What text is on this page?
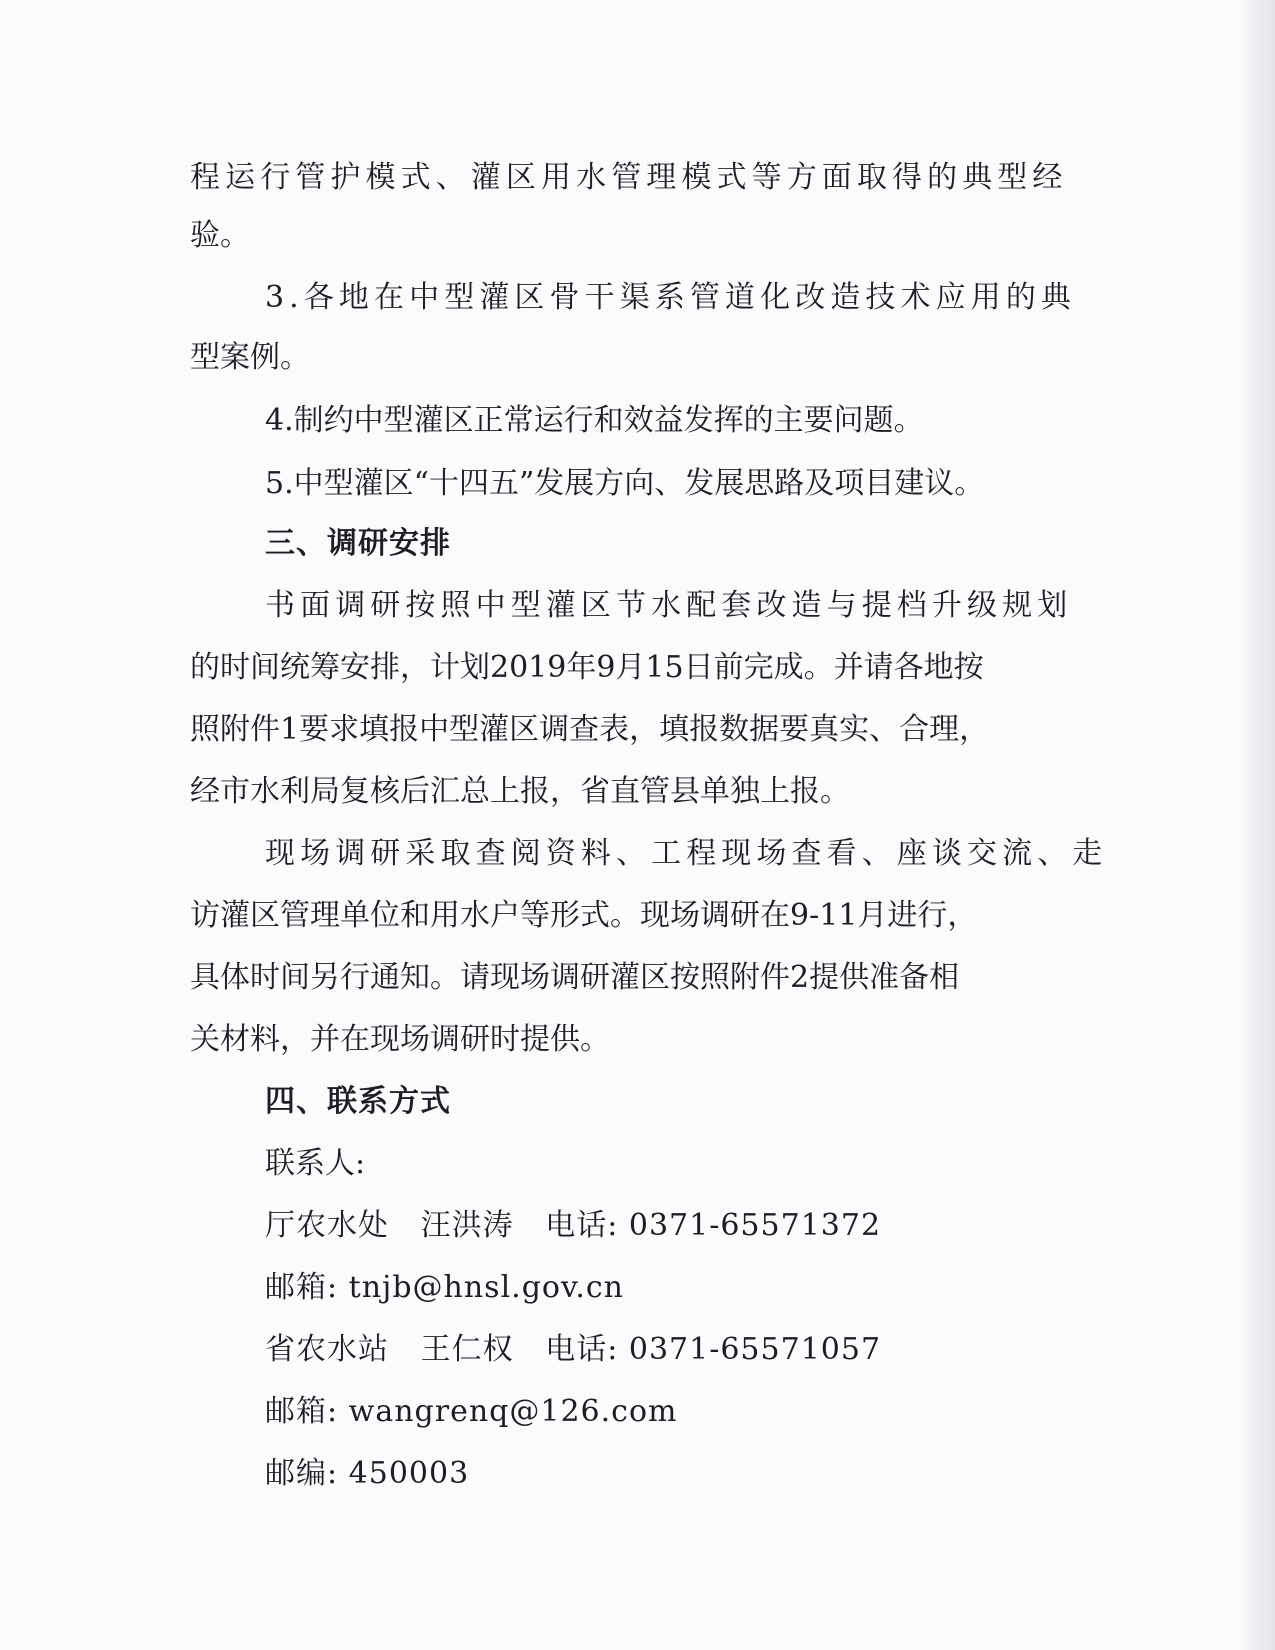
程运行管护模式、灌区用水管理模式等方面取得的典型经

验。

3.各地在中型灌区骨干渠系管道化改造技术应用的典

型案例。

4.制约中型灌区正常运行和效益发挥的主要问题。

5.中型灌区“十四五”发展方向、发展思路及项目建议。

三、调研安排

书面调研按照中型灌区节水配套改造与提档升级规划

的时间统筹安排，计划2019年9月15日前完成。并请各地按

照附件1要求填报中型灌区调查表，填报数据要真实、合理，

经市水利局复核后汇总上报，省直管县单独上报。

现场调研采取查阅资料、工程现场查看、座谈交流、走

访灌区管理单位和用水户等形式。现场调研在9-11月进行，

具体时间另行通知。请现场调研灌区按照附件2提供准备相

关材料，并在现场调研时提供。

四、联系方式

联系人:

厅农水处   汪洪涛   电话: 0371-65571372

邮箱: tnjb@hnsl.gov.cn

省农水站   王仁权   电话: 0371-65571057

邮箱: wangrenq@126.com

邮编: 450003
